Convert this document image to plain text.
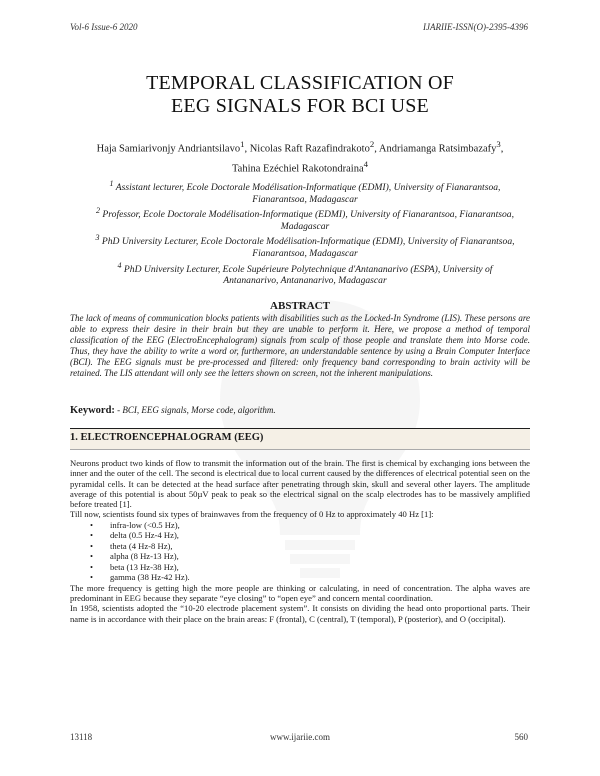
Vol-6 Issue-6 2020	IJARIIE-ISSN(O)-2395-4396
TEMPORAL CLASSIFICATION OF
EEG SIGNALS FOR BCI USE
Haja Samiarivonjy Andriantsilavo$^1$, Nicolas Raft Razafindrakoto$^2$, Andriamanga Ratsimbazafy$^3$,
Tahina Ezéchiel Rakotondraina$^4$

$^1$ Assistant lecturer, Ecole Doctorale Modélisation-Informatique (EDMI), University of Fianarantsoa, Fianarantsoa, Madagascar

$^2$ Professor, Ecole Doctorale Modélisation-Informatique (EDMI), University of Fianarantsoa, Fianarantsoa, Madagascar

$^3$ PhD University Lecturer, Ecole Doctorale Modélisation-Informatique (EDMI), University of Fianarantsoa, Fianarantsoa, Madagascar

$^4$ PhD University Lecturer, Ecole Supérieure Polytechnique d'Antananarivo (ESPA), University of Antananarivo, Antananarivo, Madagascar

ABSTRACT
The lack of means of communication blocks patients with disabilities such as the Locked-In Syndrome (LIS). These persons are able to express their desire in their brain but they are unable to perform it. Here, we propose a method of temporal classification of the EEG (ElectroEncephalogram) signals from scalp of those people and translate them into Morse code. Thus, they have the ability to write a word or, furthermore, an understandable sentence by using a Brain Computer Interface (BCI). The EEG signals must be pre-processed and filtered: only frequency band corresponding to brain activity will be retained. The LIS attendant will only see the letters shown on screen, not the inherent manipulations.
Keyword: - BCI, EEG signals, Morse code, algorithm.
1. ELECTROENCEPHALOGRAM (EEG)

Neurons product two kinds of flow to transmit the information out of the brain. The first is chemical by exchanging ions between the inner and the outer of the cell. The second is electrical due to local current caused by the differences of electrical potential seen on the pyramidal cells. It can be detected at the head surface after penetrating through skin, skull and several other layers. The amplitude average of this potential is about 50µV peak to peak so the electrical signal on the scalp electrodes has to be massively amplified before treated [1].

Till now, scientists found six types of brainwaves from the frequency of 0 Hz to approximately 40 Hz [1]:

• infra-low (<0.5 Hz),
• delta (0.5 Hz-4 Hz),
• theta (4 Hz-8 Hz),
• alpha (8 Hz-13 Hz),
• beta (13 Hz-38 Hz),
• gamma (38 Hz-42 Hz).

The more frequency is getting high the more people are thinking or calculating, in need of concentration. The alpha waves are predominant in EEG because they separate “eye closing” to “open eye” and concern mental coordination.

In 1958, scientists adopted the “10-20 electrode placement system”. It consists on dividing the head onto proportional parts. Their name is in accordance with their place on the brain areas: F (frontal), C (central), T (temporal), P (posterior), and O (occipital).

13118	www.ijariie.com	560
